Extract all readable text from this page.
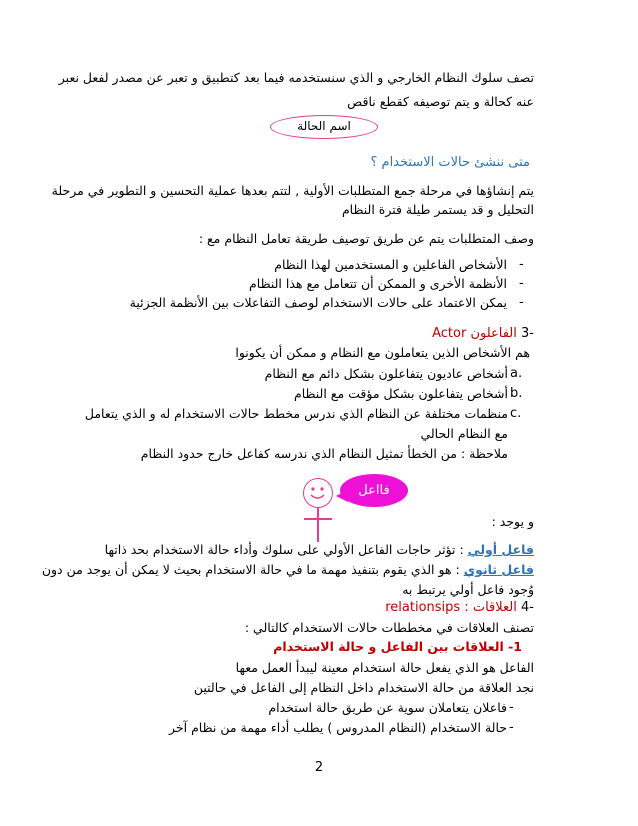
تصف سلوك النظام الخارجي و الذي سنستخدمه فيما بعد كتطبيق و تعبر عن مصدر لفعل نعبر
عنه كحالة و يتم توصيفه كقطع ناقص
اسم الحالة
متى ننشئ حالات الاستخدام ؟
يتم إنشاؤها في مرحلة جمع المتطلبات الأولية , لتتم بعدها عملية التحسين و التطوير في مرحلة
التحليل و قد يستمر طيلة فترة النظام
وصف المتطلبات يتم عن طريق توصيف طريقة تعامل النظام مع :
-
الأشخاص الفاعلين و المستخدمين لهذا النظام
-
الأنظمة الأخرى و الممكن أن تتعامل مع هذا النظام
-
يمكن الاعتماد على حالات الاستخدام لوصف التفاعلات بين الأنظمة الجزئية
-3 الفاعلون Actor
هم الأشخاص الذين يتعاملون مع النظام و ممكن أن يكونوا
a.
أشخاص عاديون يتفاعلون بشكل دائم مع النظام
b.
أشخاص يتفاعلون بشكل مؤقت مع النظام
c.
منظمات مختلفة عن النظام الذي ندرس مخطط حالات الاستخدام له و الذي يتعامل
مع النظام الحالي
ملاحظة : من الخطأ تمثيل النظام الذي ندرسه كفاعل خارج حدود النظام
فااعل
و يوجد :
فاعل أولي : تؤثر حاجات الفاعل الأولي على سلوك وأداء حالة الاستخدام بحد ذاتها
فاعل ثانوي : هو الذي يقوم بتنفيذ مهمة ما في حالة الاستخدام بحيث لا يمكن أن يوجد من دون
وُجود فاعل أولي يرتبط به
-4 العلاقات relationsips :
تصنف العلاقات في مخططات حالات الاستخدام كالتالي :
1- العلاقات بين الفاعل و حالة الاستخدام
الفاعل هو الذي يفعل حالة استخدام معينة ليبدأ العمل معها
نجد العلاقة من حالة الاستخدام داخل النظام إلى الفاعل في حالتين
-
فاعلان يتعاملان سوية عن طريق حالة استخدام
-
حالة الاستخدام (النظام المدروس ) يطلب أداء مهمة من نظام آخر
2
